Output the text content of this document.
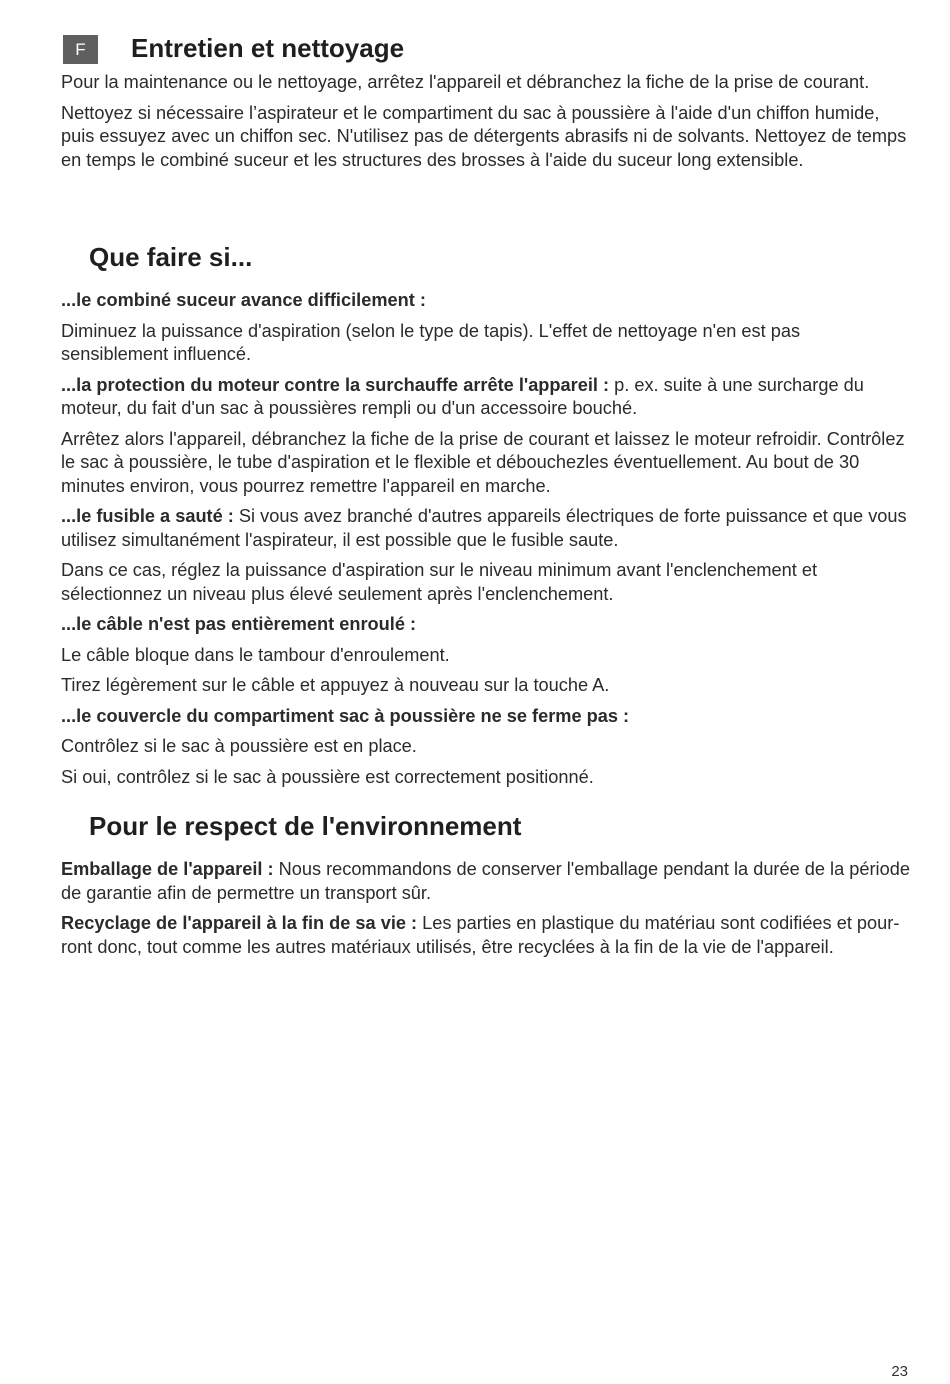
F	Entretien et nettoyage

Pour la maintenance ou le nettoyage, arrêtez l'appareil et débranchez la fiche de la prise de courant.

Nettoyez si nécessaire l’aspirateur et le compartiment du sac à poussière à l'aide d'un chiffon humide, puis essuyez avec un chiffon sec. N'utilisez pas de détergents abrasifs ni de solvants. Nettoyez de temps en temps le combiné suceur et les structures des brosses à l'aide du suceur long extensible.

Que faire si...

...le combiné suceur avance difficilement :

Diminuez la puissance d'aspiration (selon le type de tapis). L'effet de nettoyage n'en est pas sensiblement influencé.

...la protection du moteur contre la surchauffe arrête l'appareil : p. ex. suite à une surcharge du moteur, du fait d'un sac à poussières rempli ou d'un accessoire bouché.

Arrêtez alors l'appareil, débranchez la fiche de la prise de courant et laissez le moteur refroidir. Contrôlez le sac à poussière, le tube d'aspiration et le flexible et débouchezles éventuellement. Au bout de 30 minutes environ, vous pourrez remettre l'appareil en marche.

...le fusible a sauté : Si vous avez branché d'autres appareils électriques de forte puissance et que vous utilisez simultanément l'aspirateur, il est possible que le fusible saute.

Dans ce cas, réglez la puissance d'aspiration sur le niveau minimum avant l'enclenchement et sélectionnez un niveau plus élevé seulement après l'enclenchement.

...le câble n'est pas entièrement enroulé :

Le câble bloque dans le tambour d'enroulement.

Tirez légèrement sur le câble et appuyez à nouveau sur la touche A.

...le couvercle du compartiment sac à poussière ne se ferme pas :

Contrôlez si le sac à poussière est en place.

Si oui, contrôlez si le sac à poussière est correctement positionné.

Pour le respect de l'environnement

Emballage de l'appareil : Nous recommandons de conserver l'emballage pendant la durée de la période de garantie afin de permettre un transport sûr.

Recyclage de l'appareil à la fin de sa vie : Les parties en plastique du matériau sont codifiées et pour-ront donc, tout comme les autres matériaux utilisés, être recyclées à la fin de la vie de l'appareil.

23
